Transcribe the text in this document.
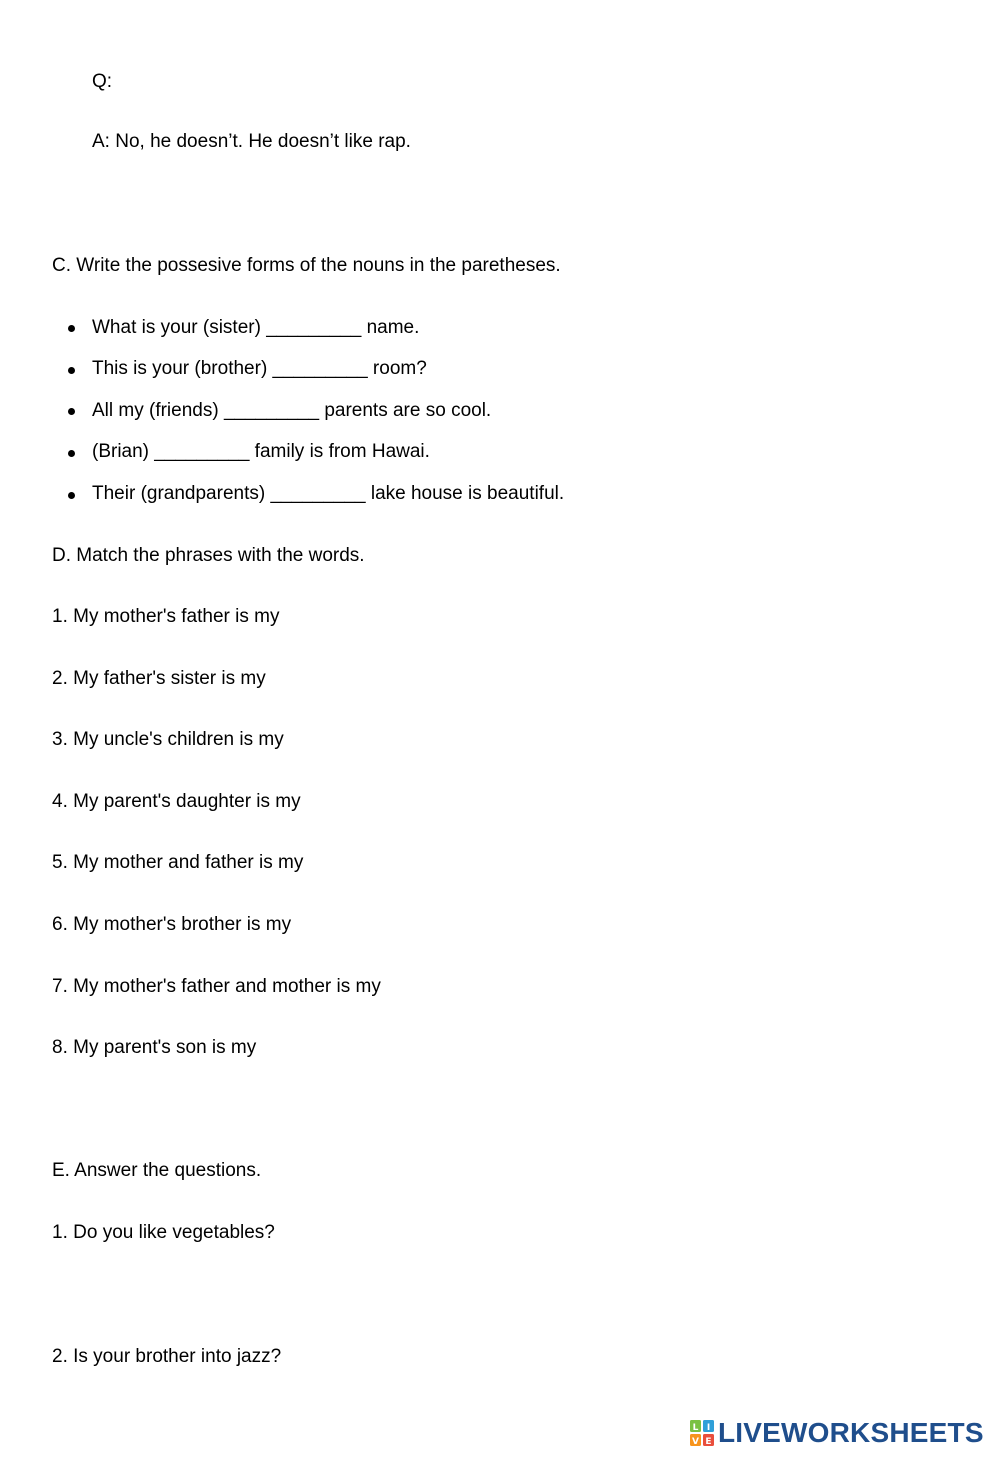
Q:
A: No, he doesn’t. He doesn’t like rap.
C. Write the possesive forms of the nouns in the paretheses.
What is your (sister) _________ name.
This is your (brother) _________ room?
All my (friends) _________ parents are so cool.
(Brian) _________ family is from Hawai.
Their (grandparents) _________ lake house is beautiful.
D. Match the phrases with the words.
1. My mother's father is my
2. My father's sister is my
3. My uncle's children is my
4. My parent's daughter is my
5. My mother and father is my
6. My mother's brother is my
7. My mother's father and mother is my
8. My parent's son is my
E. Answer the questions.
1. Do you like vegetables?
2. Is your brother into jazz?
L I
V E LIVEWORKSHEETS
